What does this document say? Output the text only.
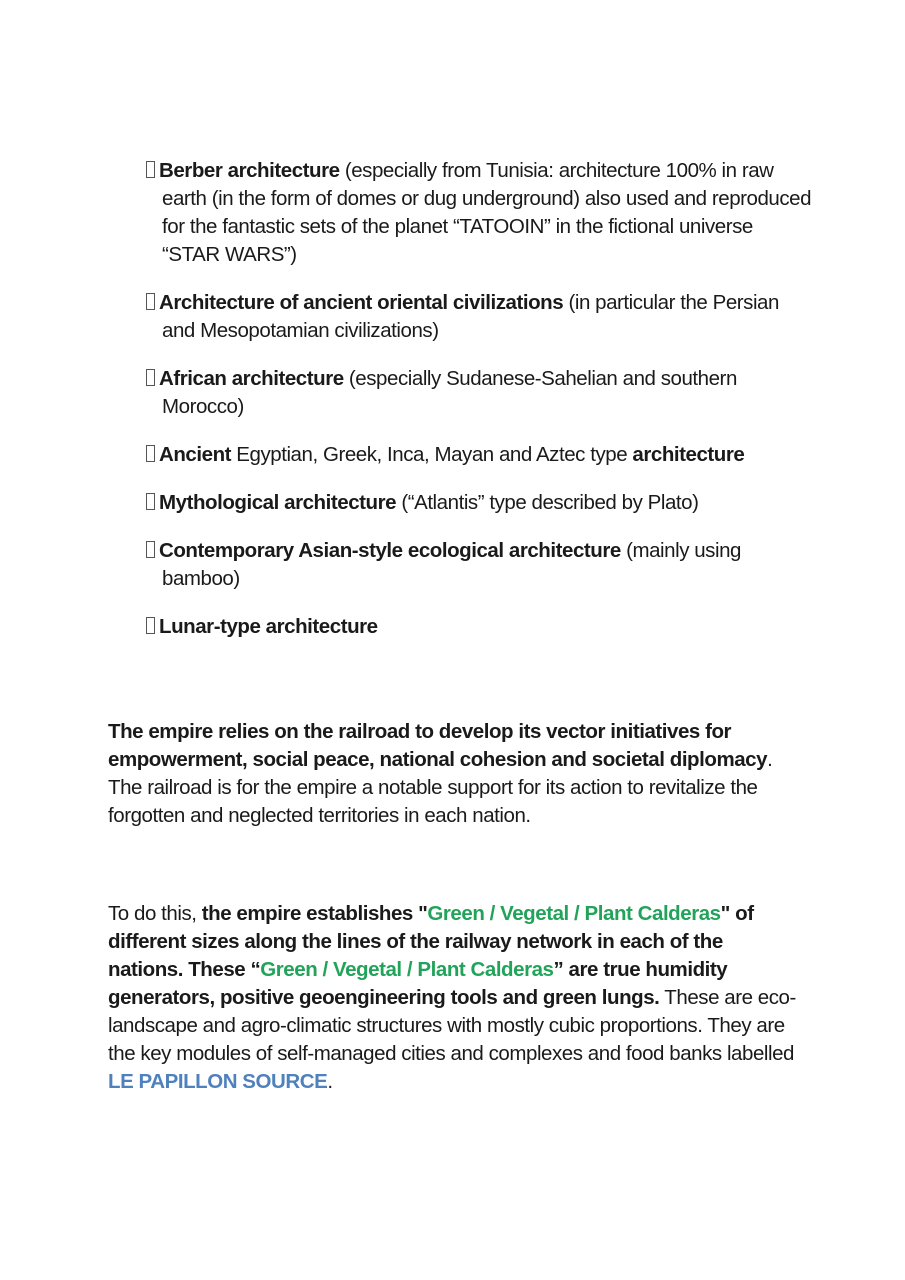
Berber architecture (especially from Tunisia: architecture 100% in raw earth (in the form of domes or dug underground) also used and reproduced for the fantastic sets of the planet “TATOOIN” in the fictional universe “STAR WARS”)
Architecture of ancient oriental civilizations (in particular the Persian and Mesopotamian civilizations)
African architecture (especially Sudanese-Sahelian and southern Morocco)
Ancient Egyptian, Greek, Inca, Mayan and Aztec type architecture
Mythological architecture (“Atlantis” type described by Plato)
Contemporary Asian-style ecological architecture (mainly using bamboo)
Lunar-type architecture

The empire relies on the railroad to develop its vector initiatives for empowerment, social peace, national cohesion and societal diplomacy. The railroad is for the empire a notable support for its action to revitalize the forgotten and neglected territories in each nation.

To do this, the empire establishes "Green / Vegetal / Plant Calderas" of different sizes along the lines of the railway network in each of the nations. These “Green / Vegetal / Plant Calderas” are true humidity generators, positive geoengineering tools and green lungs. These are eco-landscape and agro-climatic structures with mostly cubic proportions. They are the key modules of self-managed cities and complexes and food banks labelled LE PAPILLON SOURCE.
